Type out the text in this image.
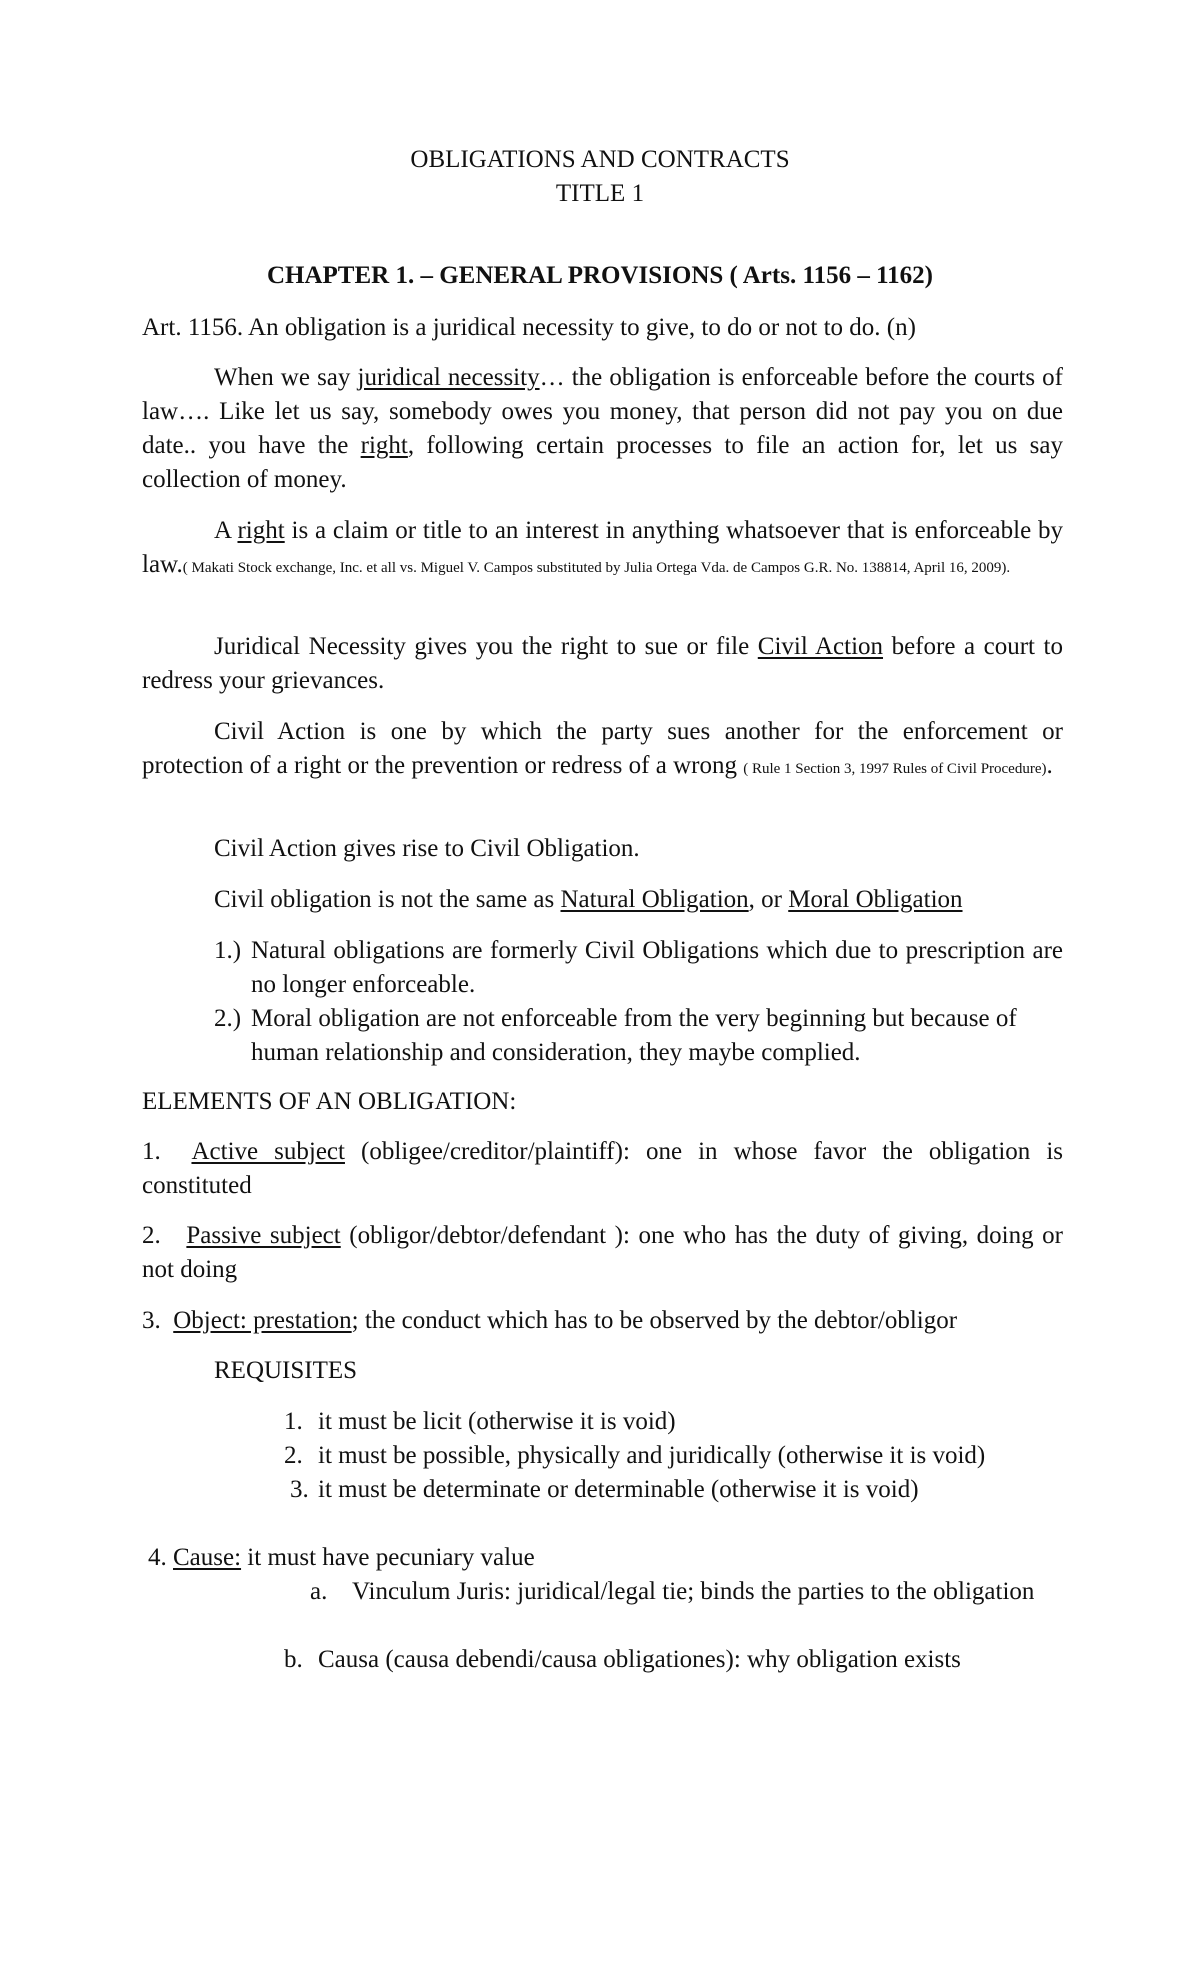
OBLIGATIONS AND CONTRACTS

TITLE 1

CHAPTER 1. – GENERAL PROVISIONS ( Arts. 1156 – 1162)

Art. 1156. An obligation is a juridical necessity to give, to do or not to do. (n)

When we say juridical necessity… the obligation is enforceable before the courts of law…. Like let us say, somebody owes you money, that person did not pay you on due date.. you have the right, following certain processes to file an action for, let us say collection of money.

A right is a claim or title to an interest in anything whatsoever that is enforceable by law.( Makati Stock exchange, Inc. et all vs. Miguel V. Campos substituted by Julia Ortega Vda. de Campos G.R. No. 138814, April 16, 2009).

Juridical Necessity gives you the right to sue or file Civil Action before a court to redress your grievances.

Civil Action is one by which the party sues another for the enforcement or protection of a right or the prevention or redress of a wrong ( Rule 1 Section 3, 1997 Rules of Civil Procedure).

Civil Action gives rise to Civil Obligation.

Civil obligation is not the same as Natural Obligation, or Moral Obligation

1.) Natural obligations are formerly Civil Obligations which due to prescription are no longer enforceable.
2.) Moral obligation are not enforceable from the very beginning but because of human relationship and consideration, they maybe complied.

ELEMENTS OF AN OBLIGATION:

1. Active subject (obligee/creditor/plaintiff): one in whose favor the obligation is constituted

2. Passive subject (obligor/debtor/defendant ): one who has the duty of giving, doing or not doing

3. Object: prestation; the conduct which has to be observed by the debtor/obligor

REQUISITES

1. it must be licit (otherwise it is void)
2. it must be possible, physically and juridically (otherwise it is void)
3. it must be determinate or determinable (otherwise it is void)

4. Cause: it must have pecuniary value

a. Vinculum Juris: juridical/legal tie; binds the parties to the obligation
b. Causa (causa debendi/causa obligationes): why obligation exists
